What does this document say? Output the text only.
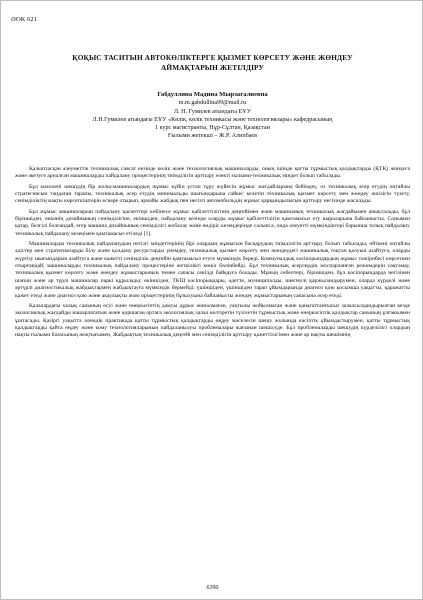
ӘОК 621
ҚОҚЫС ТАСИТЫН АВТОКӨЛІКТЕРГЕ ҚЫЗМЕТ КӨРСЕТУ ЖӘНЕ ЖӨНДЕУ
АЙМАҚТАРЫН ЖЕТІЛДІРУ
Габдуллина Мадина Мырзагалиевна
m.m.gabdullina99@mail.ru
Л. Н. Гумилев атындағы ЕҰУ
Л.Н.Гумилев атындағы ЕҰУ «Көлік, көлік техникасы және технологиялары» кафедрасының
1 курс магистранты, Нұр-Сұлтан, Қазақстан
Ғылыми жетекші – Ж.Р. Алипбаев

Қалыптасқан әлеуметтік техникалық саясат кезінде көлік және технологиялық машиналарды, оның ішінде қатты тұрмыстық қалдықтарды (ҚТҚ) жинауға және әкетуге арналған машиналарды пайдалану процестерінің тиімділігін арттыру өзекті ғылыми-техникалық міндет болып табылады.

Бұл мәселені шешудің бір жолы-машиналардың жұмыс күйін үстап тұру жүйесін жұмыс жағдайларына бейімдеу, оз техникалық әсер етудің оңтайлы стратегиясын таңдаған тарапы, техникалық әсер етудің минимальды шығындарына сәйкес келетін техникалық қызмет көрсету мен жөндеу жиілігін түзету, сенімділіктің нақты көрсеткіштерін ескере отырып, арнайы жабдық пен негізгі автомобильдің жұмыс қарқындылығын арттыру негізінде жасалады.

Бұл жұмыс машиналарын пайдалану қасиеттері көбінесе жұмыс қабілеттілігінің деңгейімен және машинаның техникалық жағдайымен анықталады, бұл біріншіден, өнімнің дизайнының сенімділігіне, екіншіден, пайдалану кезінде оларды жұмыс қабілеттілігін қамтамасыз ету шараларына байланысты. Сонымен қатар, белгілі болғандай, егер машина дизайнының сенімділігі жобалау және өндіріс кезеңдерінде салынса, онда әлеуетті мүмкіндіктері барынша толық пайдалану техникалық пайдалану кезеңімен қамтамасыз етіледі [1].

Машиналарды техникалық пайдаланудың негізгі міндеттерінің бірі олардың жұмысын басқарудың тиімділігін арттыру болып табылады, өйткені оңтайлы әдістер мен стратегияларды білу және қолдану ресурстарды үнемдеу, техникалық қызмет көрсету мен жөндеудегі машиналық тоқтап қалуын азайтуға, оларды жүргізу шығындарын азайтуға және кажетті сенімділік деңгейін қамтамасыз етуге мүмкіндік береді. Коммуналдық кәсіпорындардың жұмыс тәжірибесі көрсеткен отырғандай, машиналарды техникалық пайдалану процестеріне жеткілікті көңіл бөлінбейді. Бұл техникалық әсерлердің жоспарланған режимдерін сақтамау, техникалық қызмет көрсету және жөндеу жұмыстарының төмен сапасы секілді байқауға болады. Мұның себептері, біріншіден, бұл кәсіпорындарда негізінен шағын және әр түрлі машиналар паркі құрылады; екіншіден, ТКШ кәсіпорындары, әдетте, муниципалды, шектеулі қаржыландырумен, оларда күрделі және әртүрлі диагностикалық жабдықтармен жабдықтауға мүмкіндік бермейді; үшіншіден, үшіншіден тарап ұйымдарында диагноз қою қосымша уақытты, қаражатты қажет етеді және диагноз қою және акаулықты жою процестерінің бұзылуына байланысты жөндеу жұмыстарының сапасына әсер етеді.

Қалалардағы халық санының өсуі және өнеркәсіптің дамуы дұрыс жиналмаған, уақтылы жойылмаған және қанағаттанғысыз залалсыздандырылған кезде экологиялық жағдайды нашарлататын және қоршаған ортаға экологиялық залал келтіретін түзілетін тұрмыстық және өнеркәсіптік қалдықтар санының ұлғаюымен ұштасады. Қазіргі уақытта әлемдік практикада қатты тұрмыстық қалдықтарды өңдеу мәселесін шешу жолында кәсіптік ұйымдастырумен, қатты тұрмыстық қалдықтарды қайта өңдеу және кому технологияларының пайдаланылуы проблемалары жағынан шешілуде. Бұл проблемаларды шешудің күрделілігі олардың нақты ғылыми базасының жоқтығымен, Жабдықтың техникалық деңгейі мен сенімділігін арттыру қажеттілігімен және әр нақты шешімнің

6390
